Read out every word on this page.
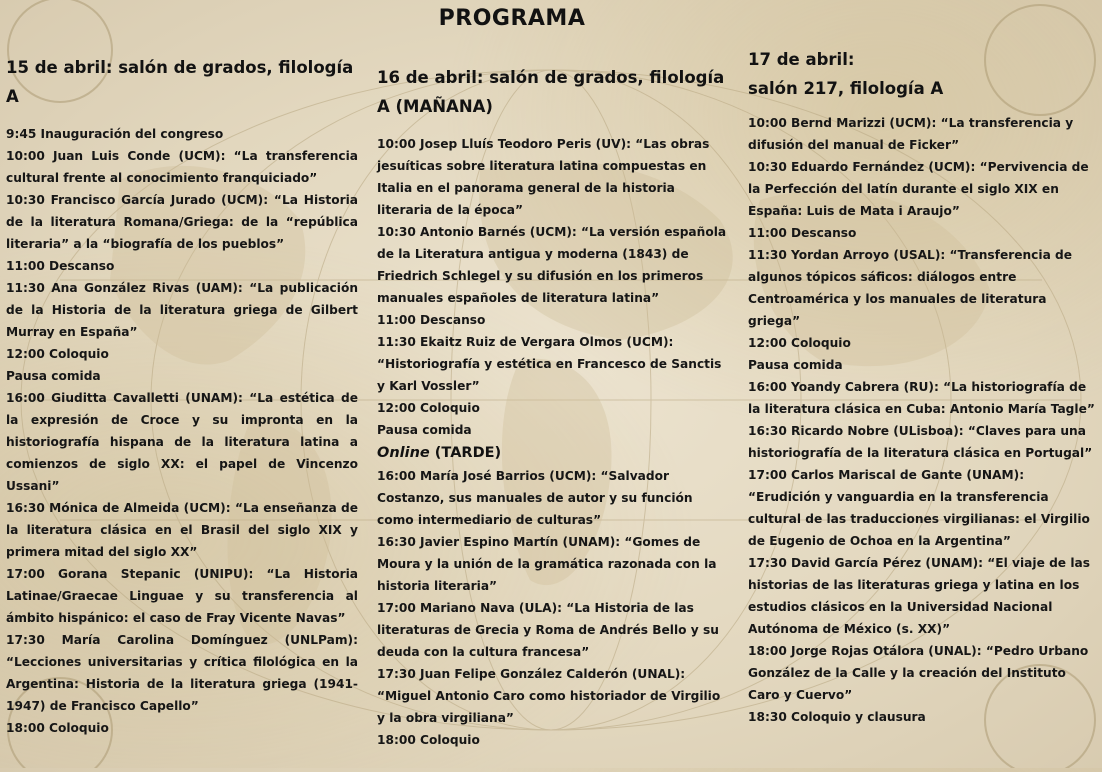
PROGRAMA
15 de abril: salón de grados, filología A

9:45 Inauguración del congreso

10:00 Juan Luis Conde (UCM): “La transferencia cultural frente al conocimiento franquiciado”

10:30 Francisco García Jurado (UCM): “La Historia de la literatura Romana/Griega: de la “república literaria” a la “biografía de los pueblos”

11:00 Descanso

11:30 Ana González Rivas (UAM): “La publicación de la Historia de la literatura griega de Gilbert Murray en España”

12:00 Coloquio

Pausa comida

16:00 Giuditta Cavalletti (UNAM): “La estética de la expresión de Croce y su impronta en la historiografía hispana de la literatura latina a comienzos de siglo XX: el papel de Vincenzo Ussani”

16:30 Mónica de Almeida (UCM): “La enseñanza de la literatura clásica en el Brasil del siglo XIX y primera mitad del siglo XX”

17:00 Gorana Stepanic (UNIPU): “La Historia Latinae/Graecae Linguae y su transferencia al ámbito hispánico: el caso de Fray Vicente Navas”

17:30 María Carolina Domínguez (UNLPam): “Lecciones universitarias y crítica filológica en la Argentina: Historia de la literatura griega (1941-1947) de Francisco Capello”

18:00 Coloquio

16 de abril: salón de grados, filología A (MAÑANA)

10:00 Josep Lluís Teodoro Peris (UV): “Las obras jesuíticas sobre literatura latina compuestas en Italia en el panorama general de la historia literaria de la época”

10:30 Antonio Barnés (UCM): “La versión española de la Literatura antigua y moderna (1843) de Friedrich Schlegel y su difusión en los primeros manuales españoles de literatura latina”

11:00 Descanso

11:30 Ekaitz Ruiz de Vergara Olmos (UCM): “Historiografía y estética en Francesco de Sanctis y Karl Vossler”

12:00 Coloquio

Pausa comida

Online (TARDE)

16:00 María José Barrios (UCM): “Salvador Costanzo, sus manuales de autor y su función como intermediario de culturas”

16:30 Javier Espino Martín (UNAM): “Gomes de Moura y la unión de la gramática razonada con la historia literaria”

17:00 Mariano Nava (ULA): “La Historia de las literaturas de Grecia y Roma de Andrés Bello y su deuda con la cultura francesa”

17:30 Juan Felipe González Calderón (UNAL): “Miguel Antonio Caro como historiador de Virgilio y la obra virgiliana”

18:00 Coloquio

17 de abril:
salón 217, filología A

10:00 Bernd Marizzi (UCM): “La transferencia y difusión del manual de Ficker”

10:30 Eduardo Fernández (UCM): “Pervivencia de la Perfección del latín durante el siglo XIX en España: Luis de Mata i Araujo”

11:00 Descanso

11:30 Yordan Arroyo (USAL): “Transferencia de algunos tópicos sáficos: diálogos entre Centroamérica y los manuales de literatura griega”

12:00 Coloquio

Pausa comida

16:00 Yoandy Cabrera (RU): “La historiografía de la literatura clásica en Cuba: Antonio María Tagle”

16:30 Ricardo Nobre (ULisboa): “Claves para una historiografía de la literatura clásica en Portugal”

17:00 Carlos Mariscal de Gante (UNAM): “Erudición y vanguardia en la transferencia cultural de las traducciones virgilianas: el Virgilio de Eugenio de Ochoa en la Argentina”

17:30 David García Pérez (UNAM): “El viaje de las historias de las literaturas griega y latina en los estudios clásicos en la Universidad Nacional Autónoma de México (s. XX)”

18:00 Jorge Rojas Otálora (UNAL): “Pedro Urbano González de la Calle y la creación del Instituto Caro y Cuervo”

18:30 Coloquio y clausura
